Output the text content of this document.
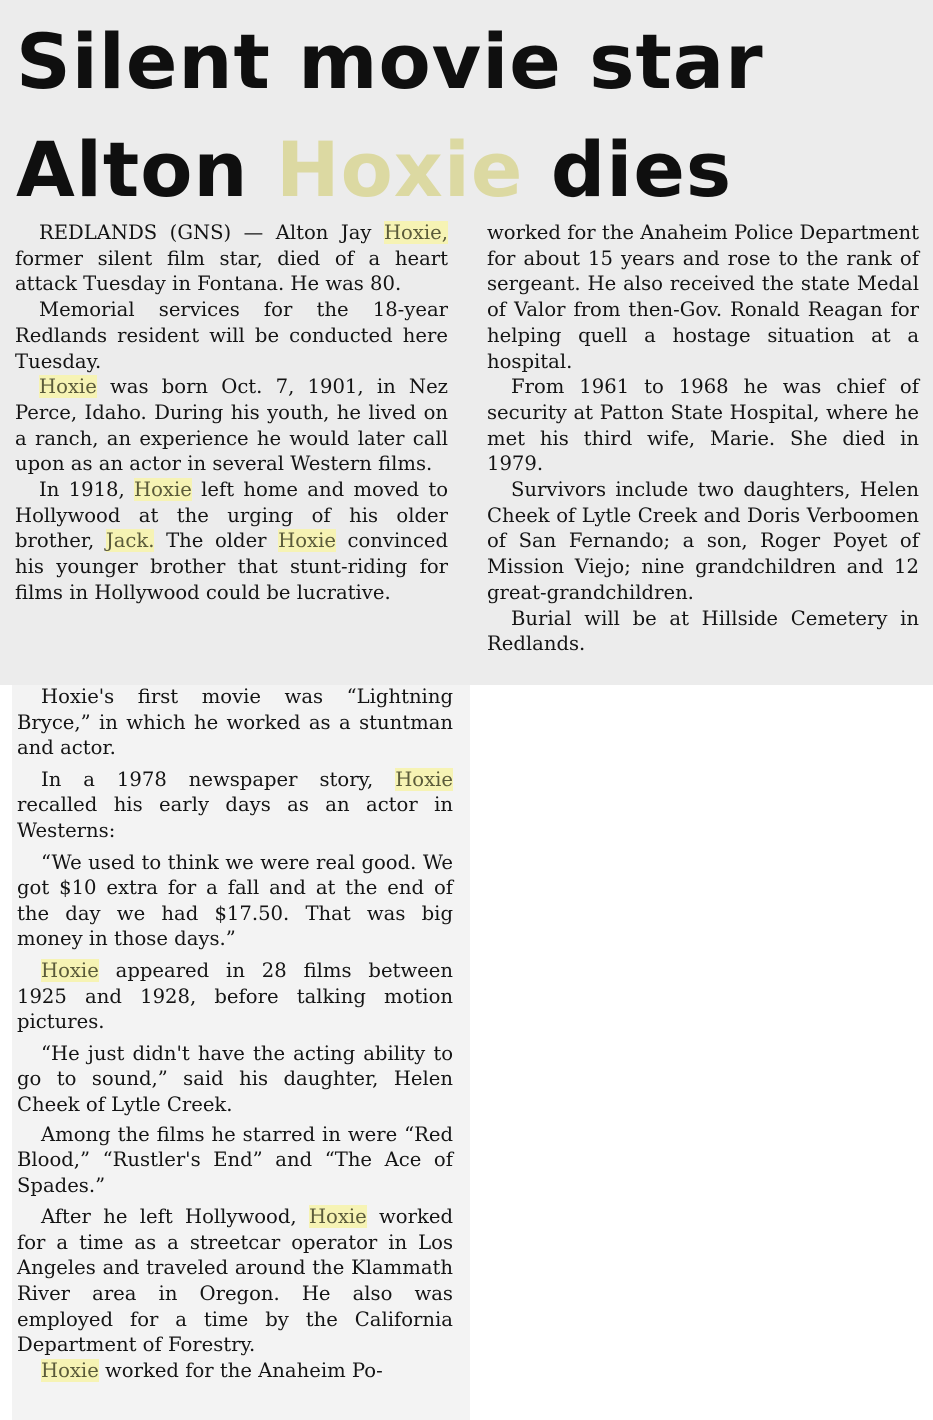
Silent movie star
Alton Hoxie dies

REDLANDS (GNS) — Alton Jay Hoxie, former silent film star, died of a heart attack Tuesday in Fontana. He was 80.

Memorial services for the 18-year Redlands resident will be conducted here Tuesday.

Hoxie was born Oct. 7, 1901, in Nez Perce, Idaho. During his youth, he lived on a ranch, an experience he would later call upon as an actor in several Western films.

In 1918, Hoxie left home and moved to Hollywood at the urging of his older brother, Jack. The older Hoxie convinced his younger brother that stunt-riding for films in Hollywood could be lucrative.

worked for the Anaheim Police Department for about 15 years and rose to the rank of sergeant. He also received the state Medal of Valor from then-Gov. Ronald Reagan for helping quell a hostage situation at a hospital.

From 1961 to 1968 he was chief of security at Patton State Hospital, where he met his third wife, Marie. She died in 1979.

Survivors include two daughters, Helen Cheek of Lytle Creek and Doris Verboomen of San Fernando; a son, Roger Poyet of Mission Viejo; nine grandchildren and 12 great-grandchildren.

Burial will be at Hillside Cemetery in Redlands.

Hoxie's first movie was “Lightning Bryce,” in which he worked as a stuntman and actor.

In a 1978 newspaper story, Hoxie recalled his early days as an actor in Westerns:

“We used to think we were real good. We got $10 extra for a fall and at the end of the day we had $17.50. That was big money in those days.”

Hoxie appeared in 28 films between 1925 and 1928, before talking motion pictures.

“He just didn't have the acting ability to go to sound,” said his daughter, Helen Cheek of Lytle Creek.

Among the films he starred in were “Red Blood,” “Rustler's End” and “The Ace of Spades.”

After he left Hollywood, Hoxie worked for a time as a streetcar operator in Los Angeles and traveled around the Klammath River area in Oregon. He also was employed for a time by the California Department of Forestry.

Hoxie worked for the Anaheim Po-
